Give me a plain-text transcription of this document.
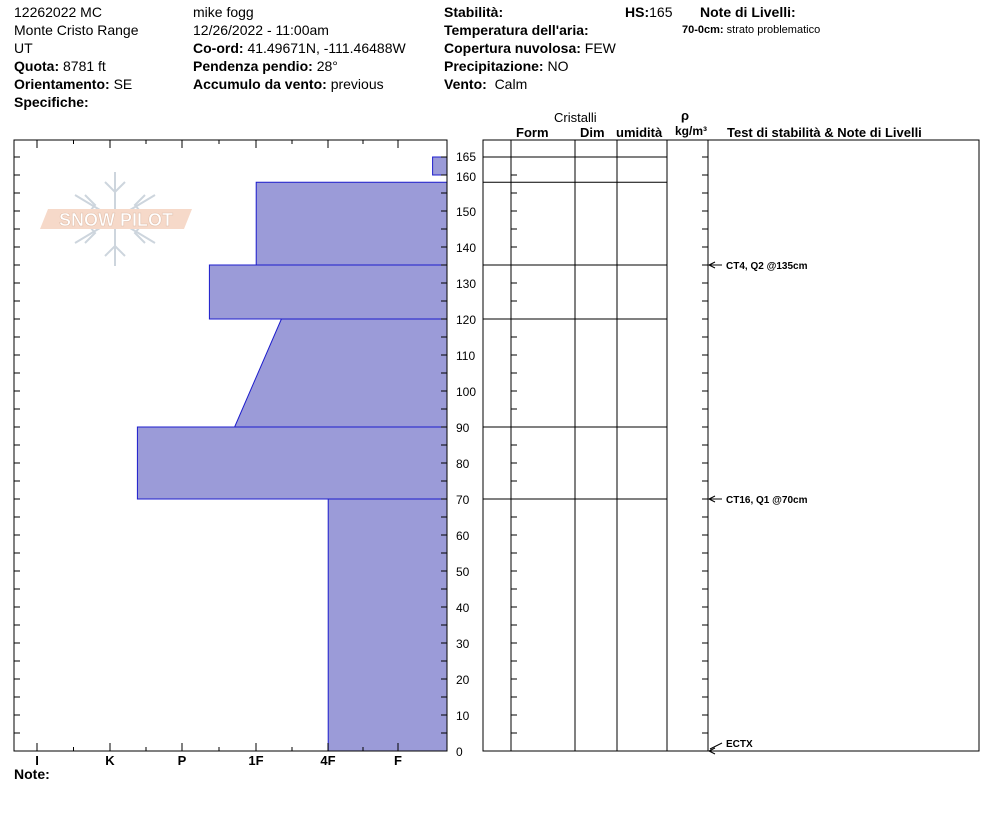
12262022 MC
Monte Cristo Range
UT
Quota: 8781 ft
Orientamento: SE
Specifiche:
mike fogg
12/26/2022 - 11:00am
Co-ord: 41.49671N, -111.46488W
Pendenza pendio: 28°
Accumulo da vento: previous
Stabilità:
Temperatura dell'aria:
Copertura nuvolosa: FEW
Precipitazione: NO
Vento: Calm
HS:165 Note di Livelli:
70-0cm: strato problematico
Cristalli
Form Dim umidità
ρ
kg/m³ Test di stabilità & Note di Livelli
Note:
SNOW PILOT
I	K	P	1F	4F	F
0
10
20
30
40
50
60
70
80
90
100
110
120
130
140
150
160
165
CT4, Q2 @135cm
CT16, Q1 @70cm
ECTX
